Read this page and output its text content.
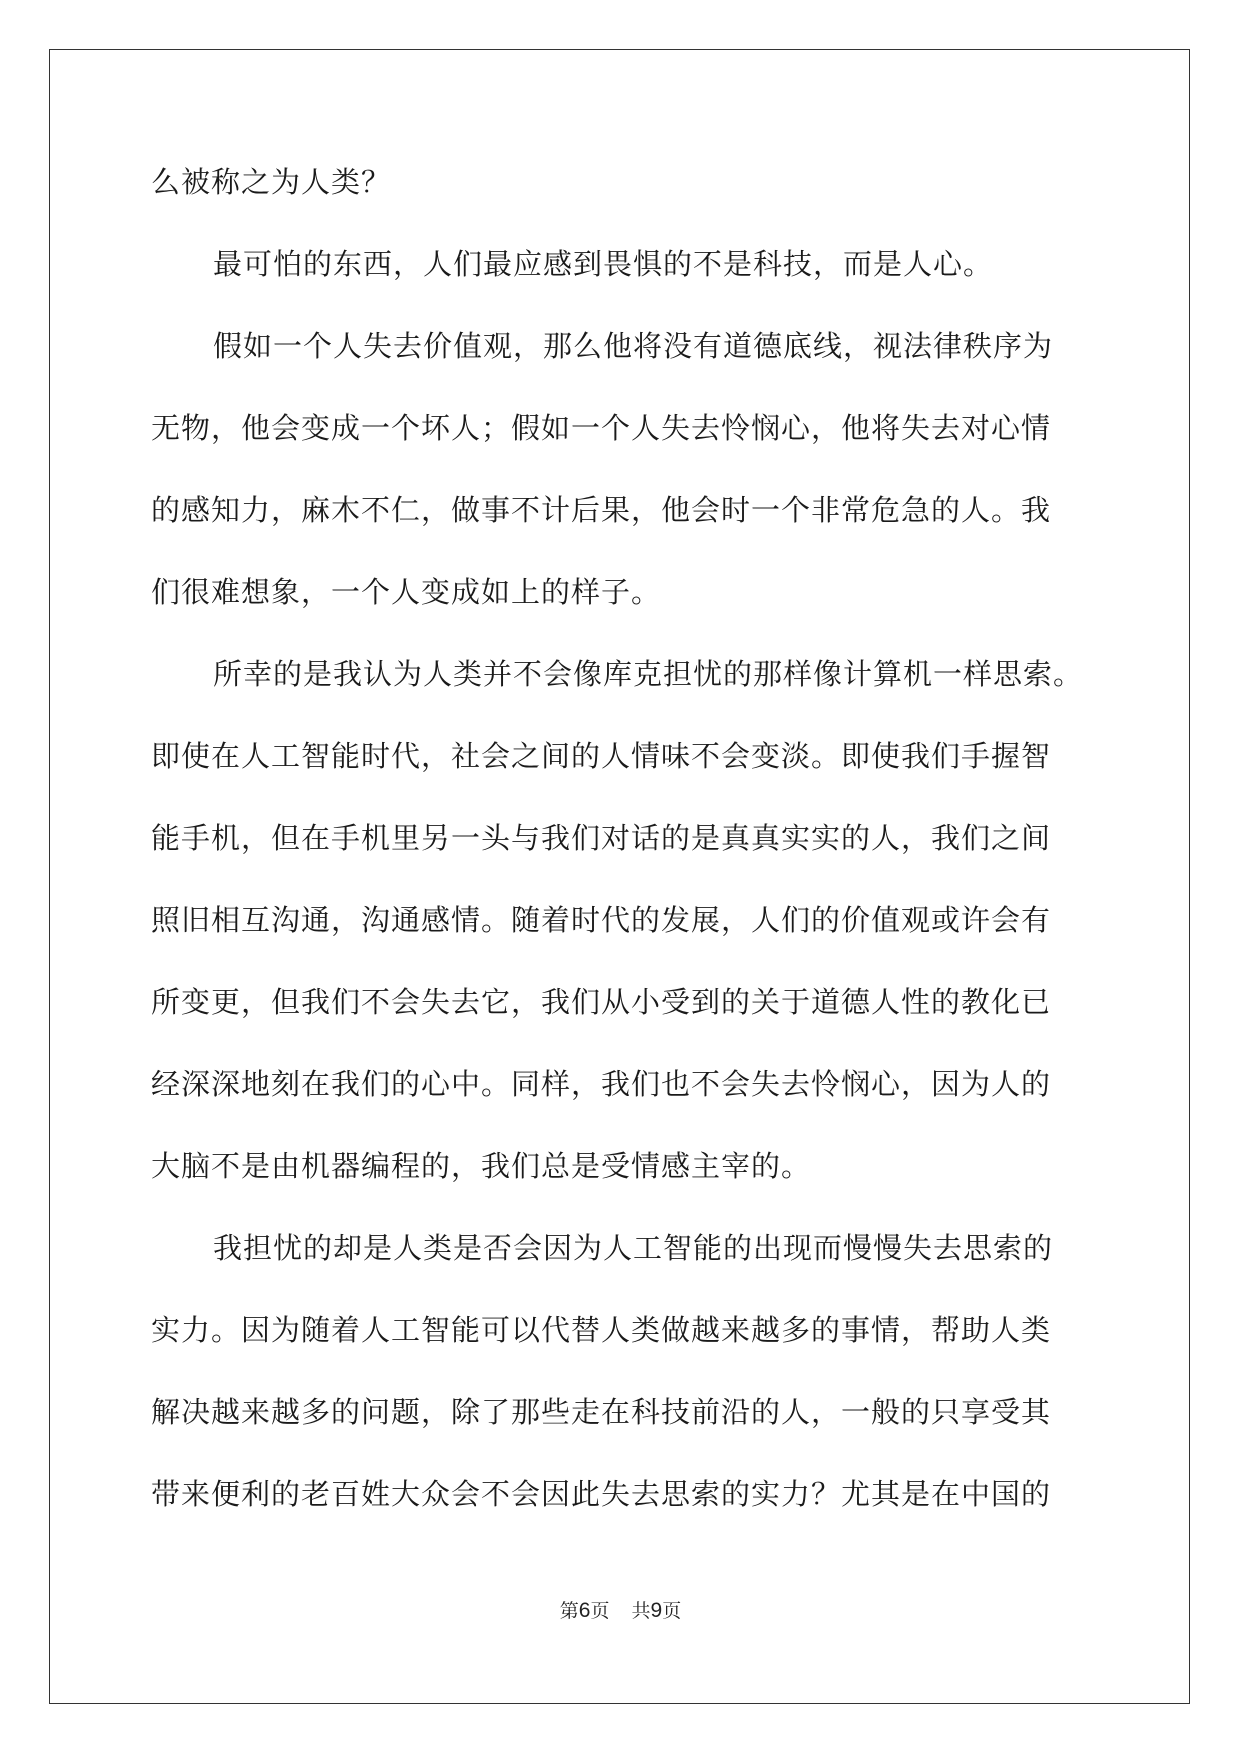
么被称之为人类？
最可怕的东西，人们最应感到畏惧的不是科技，而是人心。
假如一个人失去价值观，那么他将没有道德底线，视法律秩序为
无物，他会变成一个坏人；假如一个人失去怜悯心，他将失去对心情
的感知力，麻木不仁，做事不计后果，他会时一个非常危急的人。我
们很难想象，一个人变成如上的样子。
所幸的是我认为人类并不会像库克担忧的那样像计算机一样思索。
即使在人工智能时代，社会之间的人情味不会变淡。即使我们手握智
能手机，但在手机里另一头与我们对话的是真真实实的人，我们之间
照旧相互沟通，沟通感情。随着时代的发展，人们的价值观或许会有
所变更，但我们不会失去它，我们从小受到的关于道德人性的教化已
经深深地刻在我们的心中。同样，我们也不会失去怜悯心，因为人的
大脑不是由机器编程的，我们总是受情感主宰的。
我担忧的却是人类是否会因为人工智能的出现而慢慢失去思索的
实力。因为随着人工智能可以代替人类做越来越多的事情，帮助人类
解决越来越多的问题，除了那些走在科技前沿的人，一般的只享受其
带来便利的老百姓大众会不会因此失去思索的实力？尤其是在中国的
第6页 共9页
